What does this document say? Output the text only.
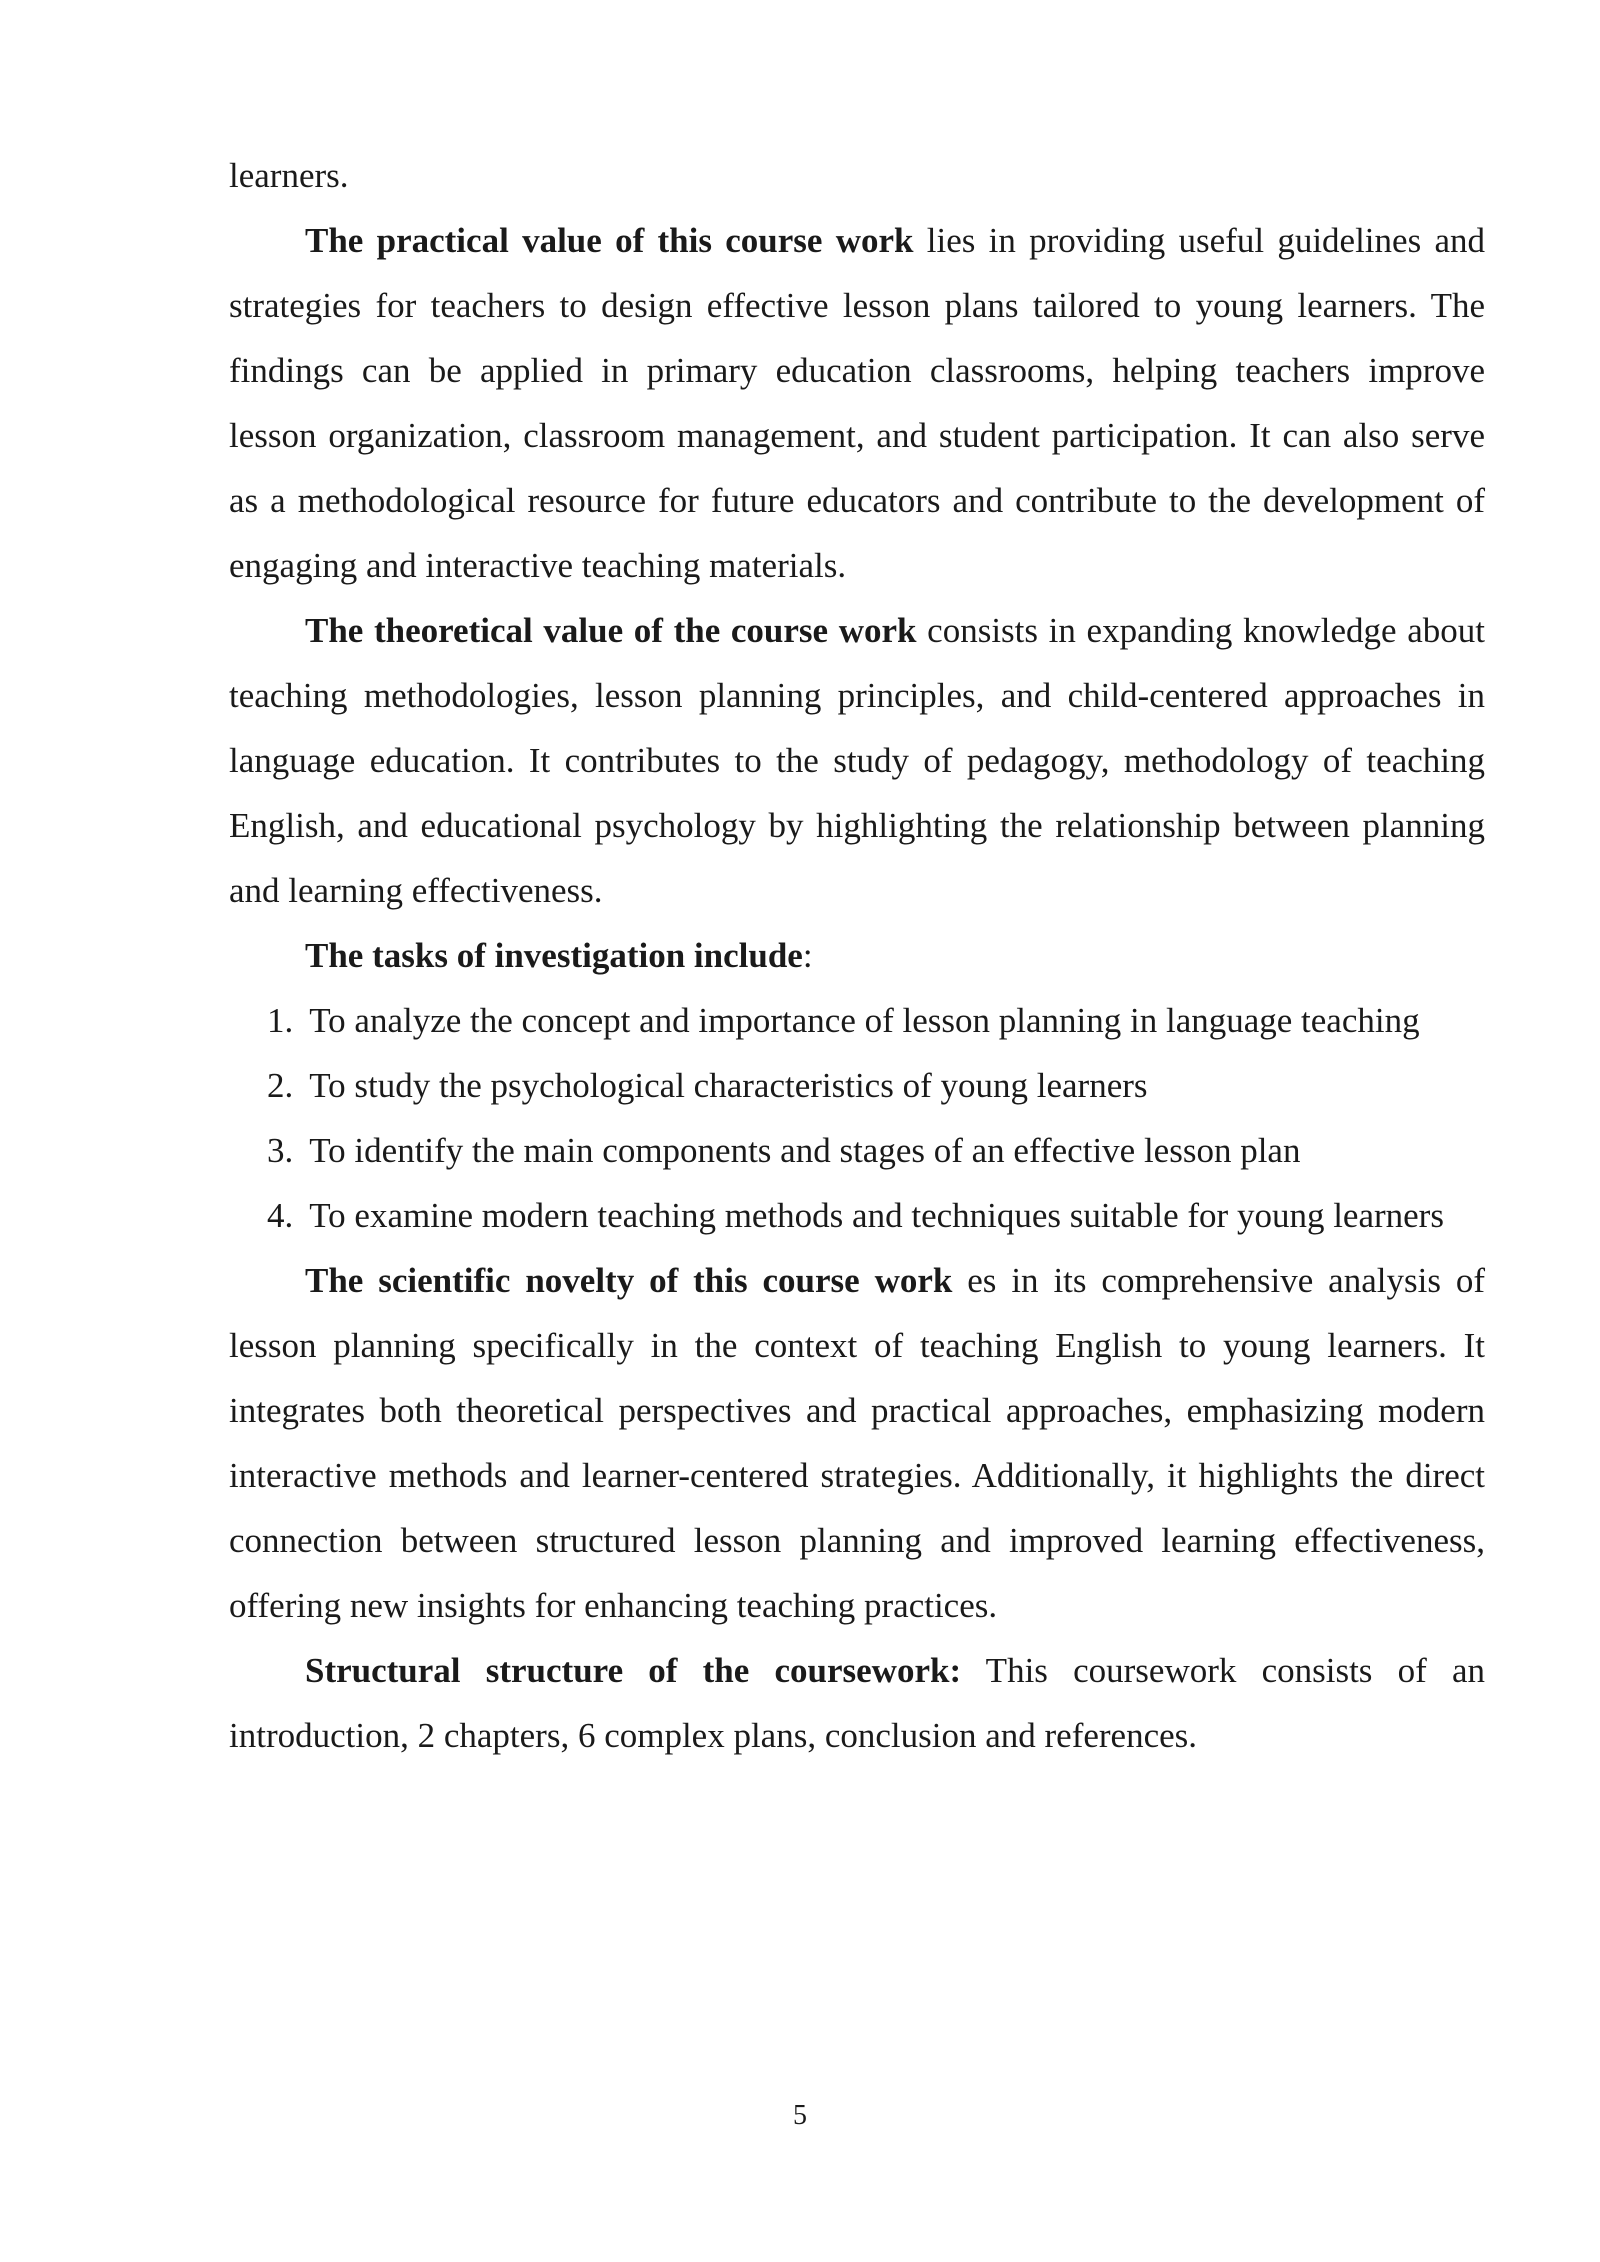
learners.

The practical value of this course work lies in providing useful guidelines and strategies for teachers to design effective lesson plans tailored to young learners. The findings can be applied in primary education classrooms, helping teachers improve lesson organization, classroom management, and student participation. It can also serve as a methodological resource for future educators and contribute to the development of engaging and interactive teaching materials.

The theoretical value of the course work consists in expanding knowledge about teaching methodologies, lesson planning principles, and child-centered approaches in language education. It contributes to the study of pedagogy, methodology of teaching English, and educational psychology by highlighting the relationship between planning and learning effectiveness.

The tasks of investigation include:

1. To analyze the concept and importance of lesson planning in language teaching

2. To study the psychological characteristics of young learners

3. To identify the main components and stages of an effective lesson plan

4. To examine modern teaching methods and techniques suitable for young learners

The scientific novelty of this course work es in its comprehensive analysis of lesson planning specifically in the context of teaching English to young learners. It integrates both theoretical perspectives and practical approaches, emphasizing modern interactive methods and learner-centered strategies. Additionally, it highlights the direct connection between structured lesson planning and improved learning effectiveness, offering new insights for enhancing teaching practices.

Structural structure of the coursework: This coursework consists of an introduction, 2 chapters, 6 complex plans, conclusion and references.

5
